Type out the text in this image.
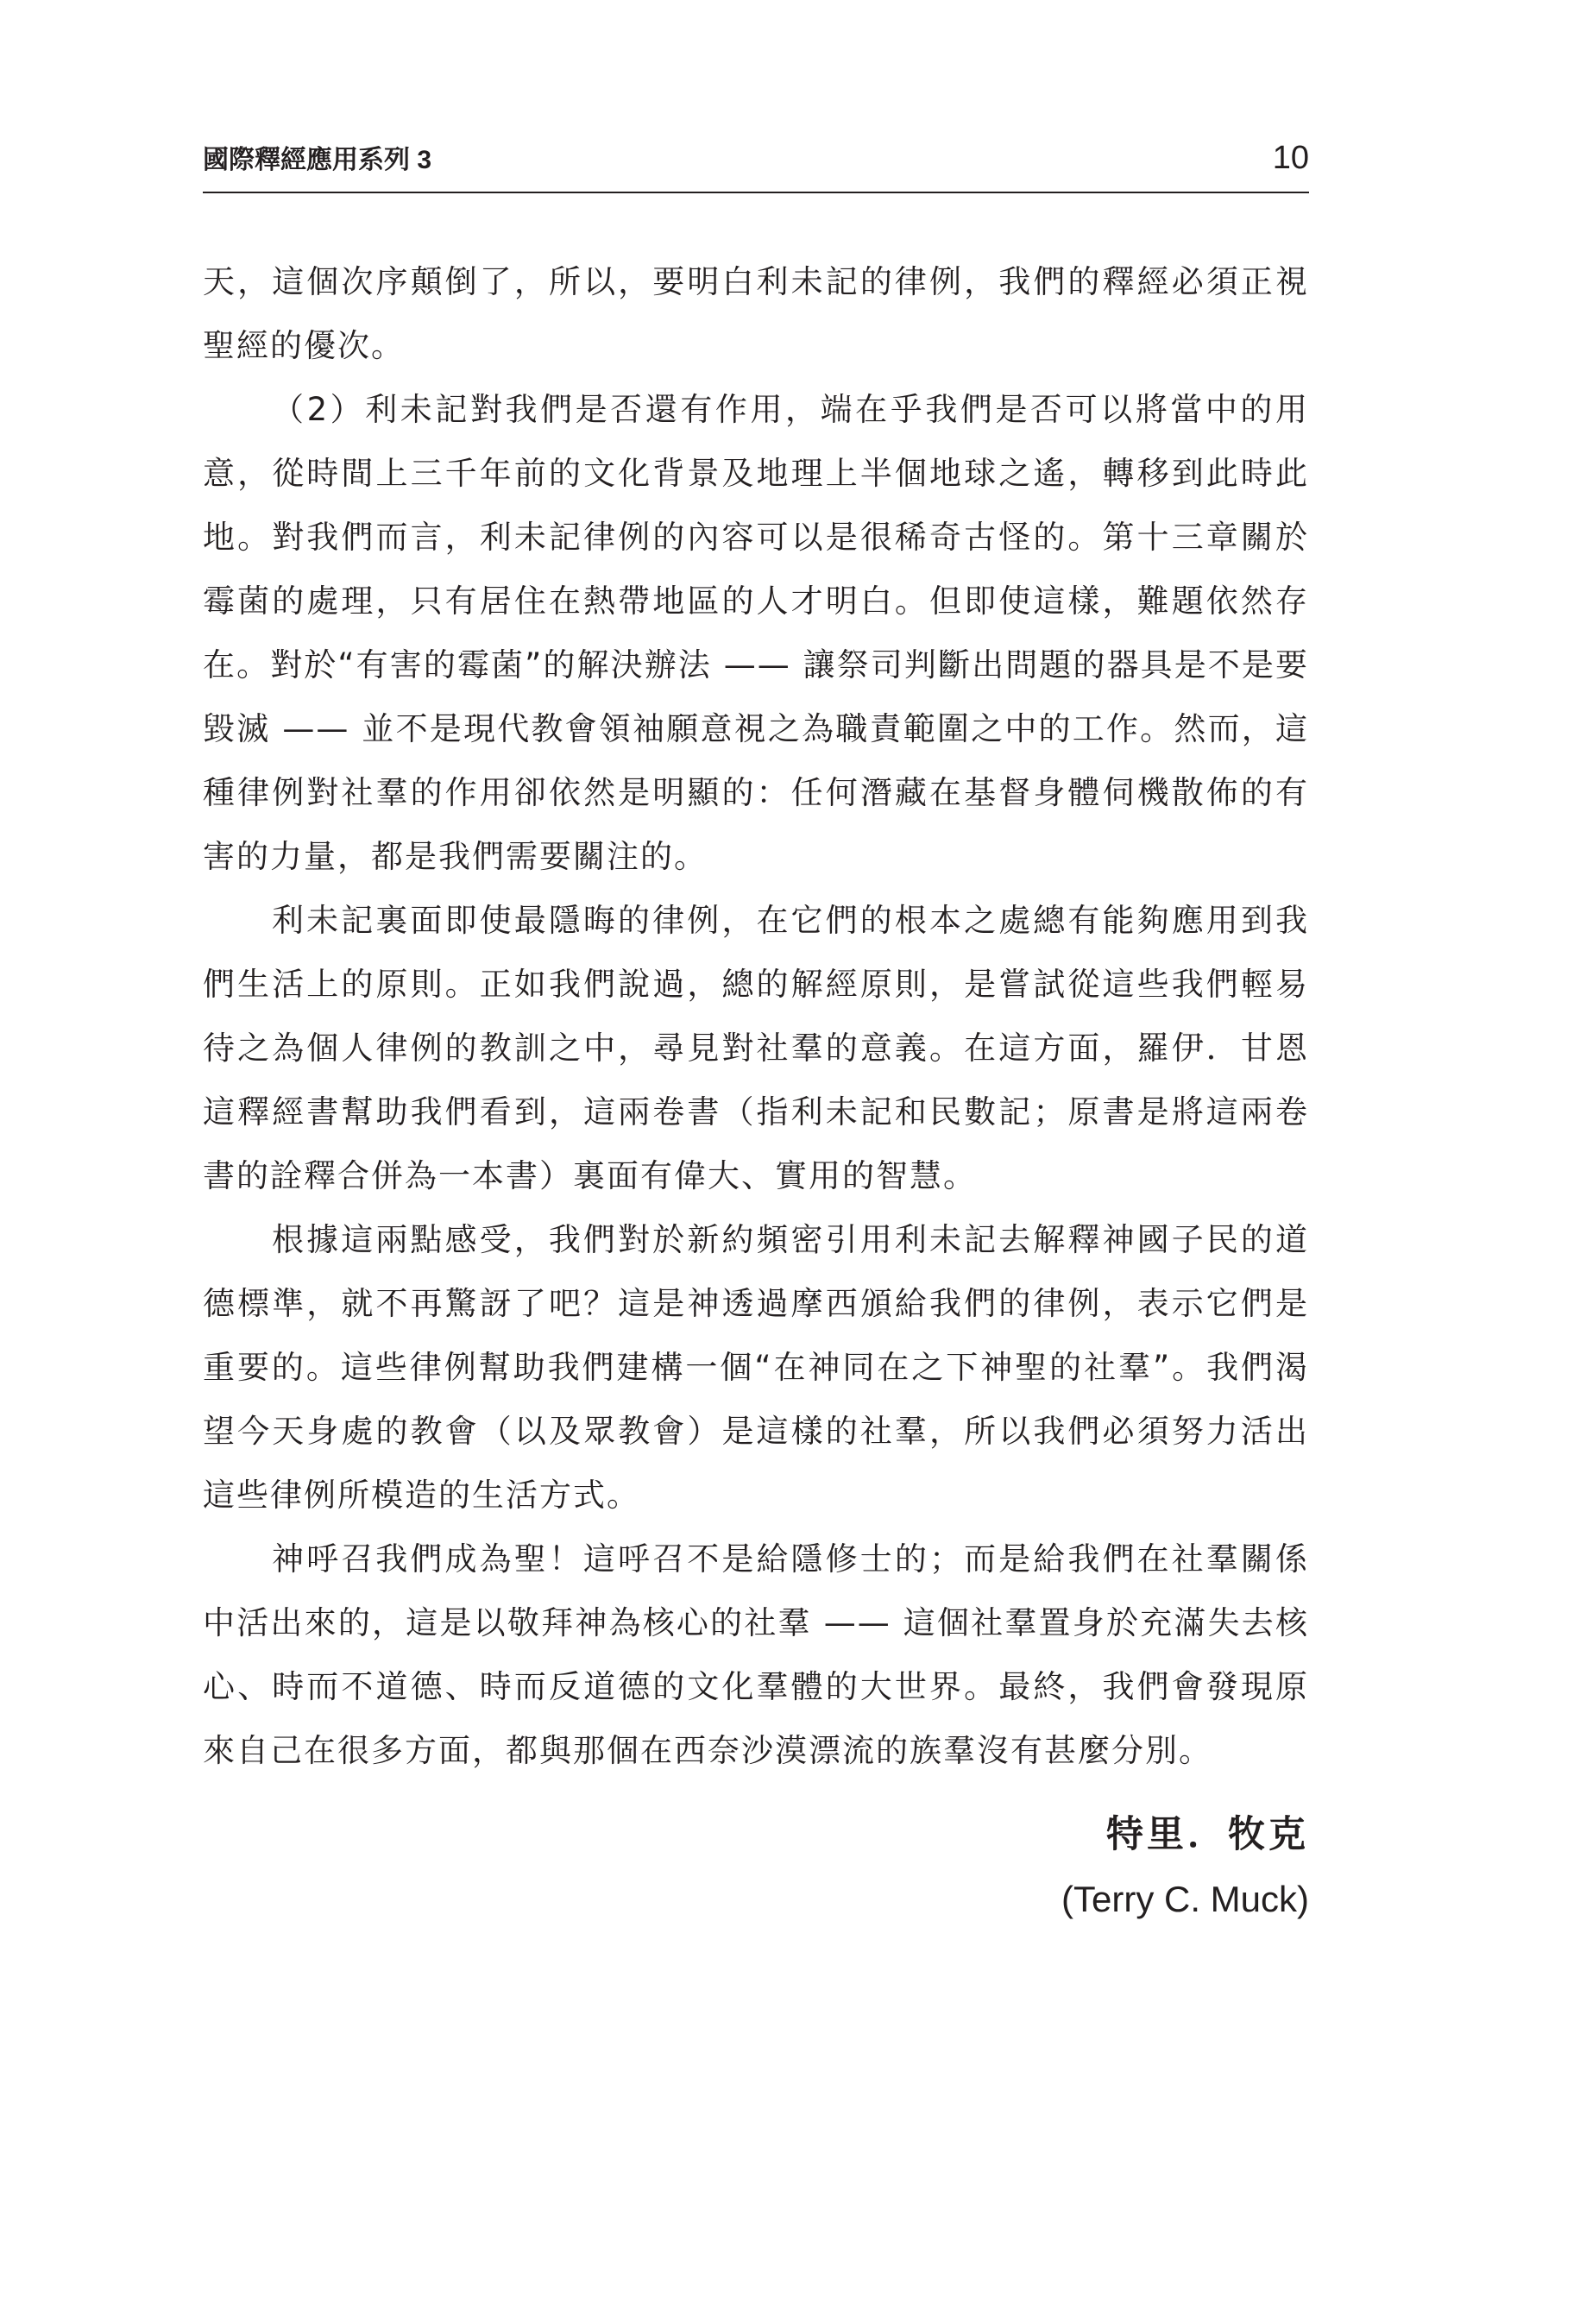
國際釋經應用系列 3	10

天，這個次序顛倒了，所以，要明白利未記的律例，我們的釋經必須正視聖經的優次。

（2）利未記對我們是否還有作用，端在乎我們是否可以將當中的用意，從時間上三千年前的文化背景及地理上半個地球之遙，轉移到此時此地。對我們而言，利未記律例的內容可以是很稀奇古怪的。第十三章關於霉菌的處理，只有居住在熱帶地區的人才明白。但即使這樣，難題依然存在。對於“有害的霉菌”的解決辦法 —— 讓祭司判斷出問題的器具是不是要毀滅 —— 並不是現代教會領袖願意視之為職責範圍之中的工作。然而，這種律例對社羣的作用卻依然是明顯的：任何潛藏在基督身體伺機散佈的有害的力量，都是我們需要關注的。

利未記裏面即使最隱晦的律例，在它們的根本之處總有能夠應用到我們生活上的原則。正如我們說過，總的解經原則，是嘗試從這些我們輕易待之為個人律例的教訓之中，尋見對社羣的意義。在這方面，羅伊．甘恩這釋經書幫助我們看到，這兩卷書（指利未記和民數記；原書是將這兩卷書的詮釋合併為一本書）裏面有偉大、實用的智慧。

根據這兩點感受，我們對於新約頻密引用利未記去解釋神國子民的道德標準，就不再驚訝了吧？這是神透過摩西頒給我們的律例，表示它們是重要的。這些律例幫助我們建構一個“在神同在之下神聖的社羣”。我們渴望今天身處的教會（以及眾教會）是這樣的社羣，所以我們必須努力活出這些律例所模造的生活方式。

神呼召我們成為聖！這呼召不是給隱修士的；而是給我們在社羣關係中活出來的，這是以敬拜神為核心的社羣 —— 這個社羣置身於充滿失去核心、時而不道德、時而反道德的文化羣體的大世界。最終，我們會發現原來自己在很多方面，都與那個在西奈沙漠漂流的族羣沒有甚麼分別。

特里．牧克
(Terry C. Muck)
